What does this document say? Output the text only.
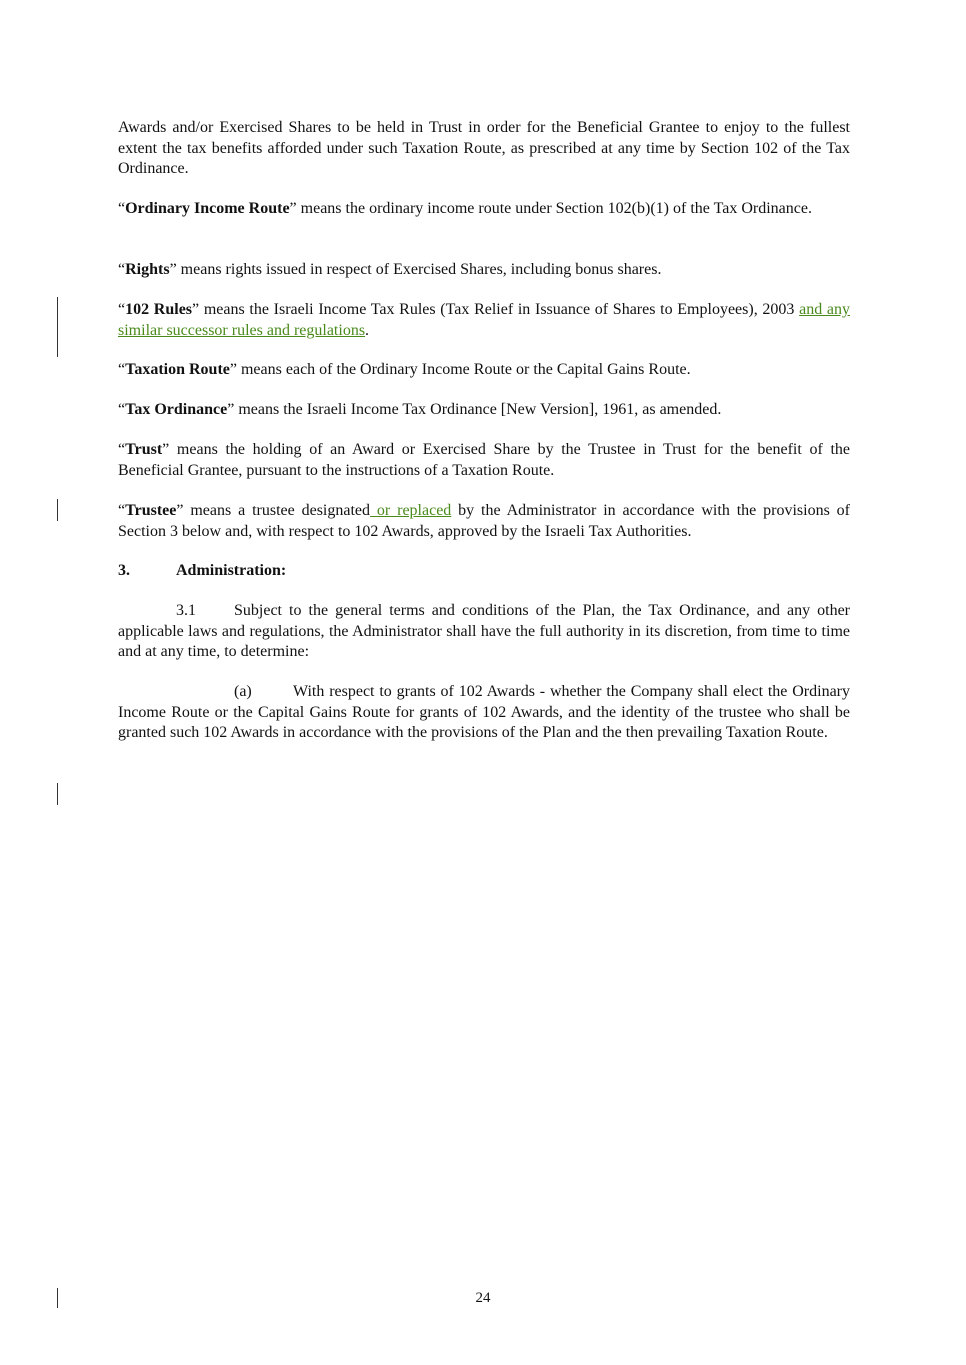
Awards and/or Exercised Shares to be held in Trust in order for the Beneficial Grantee to enjoy to the fullest extent the tax benefits afforded under such Taxation Route, as prescribed at any time by Section 102 of the Tax Ordinance.

“Ordinary Income Route” means the ordinary income route under Section 102(b)(1) of the Tax Ordinance.

“Rights” means rights issued in respect of Exercised Shares, including bonus shares.

“102 Rules” means the Israeli Income Tax Rules (Tax Relief in Issuance of Shares to Employees), 2003 and any similar successor rules and regulations.

“Taxation Route” means each of the Ordinary Income Route or the Capital Gains Route.

“Tax Ordinance” means the Israeli Income Tax Ordinance [New Version], 1961, as amended.

“Trust” means the holding of an Award or Exercised Share by the Trustee in Trust for the benefit of the Beneficial Grantee, pursuant to the instructions of a Taxation Route.

“Trustee” means a trustee designated or replaced by the Administrator in accordance with the provisions of Section 3 below and, with respect to 102 Awards, approved by the Israeli Tax Authorities.

3.	Administration:

3.1 Subject to the general terms and conditions of the Plan, the Tax Ordinance, and any other applicable laws and regulations, the Administrator shall have the full authority in its discretion, from time to time and at any time, to determine:

(a)	With respect to grants of 102 Awards - whether the Company shall elect the Ordinary Income Route or the Capital Gains Route for grants of 102 Awards, and the identity of the trustee who shall be granted such 102 Awards in accordance with the provisions of the Plan and the then prevailing Taxation Route.

24
